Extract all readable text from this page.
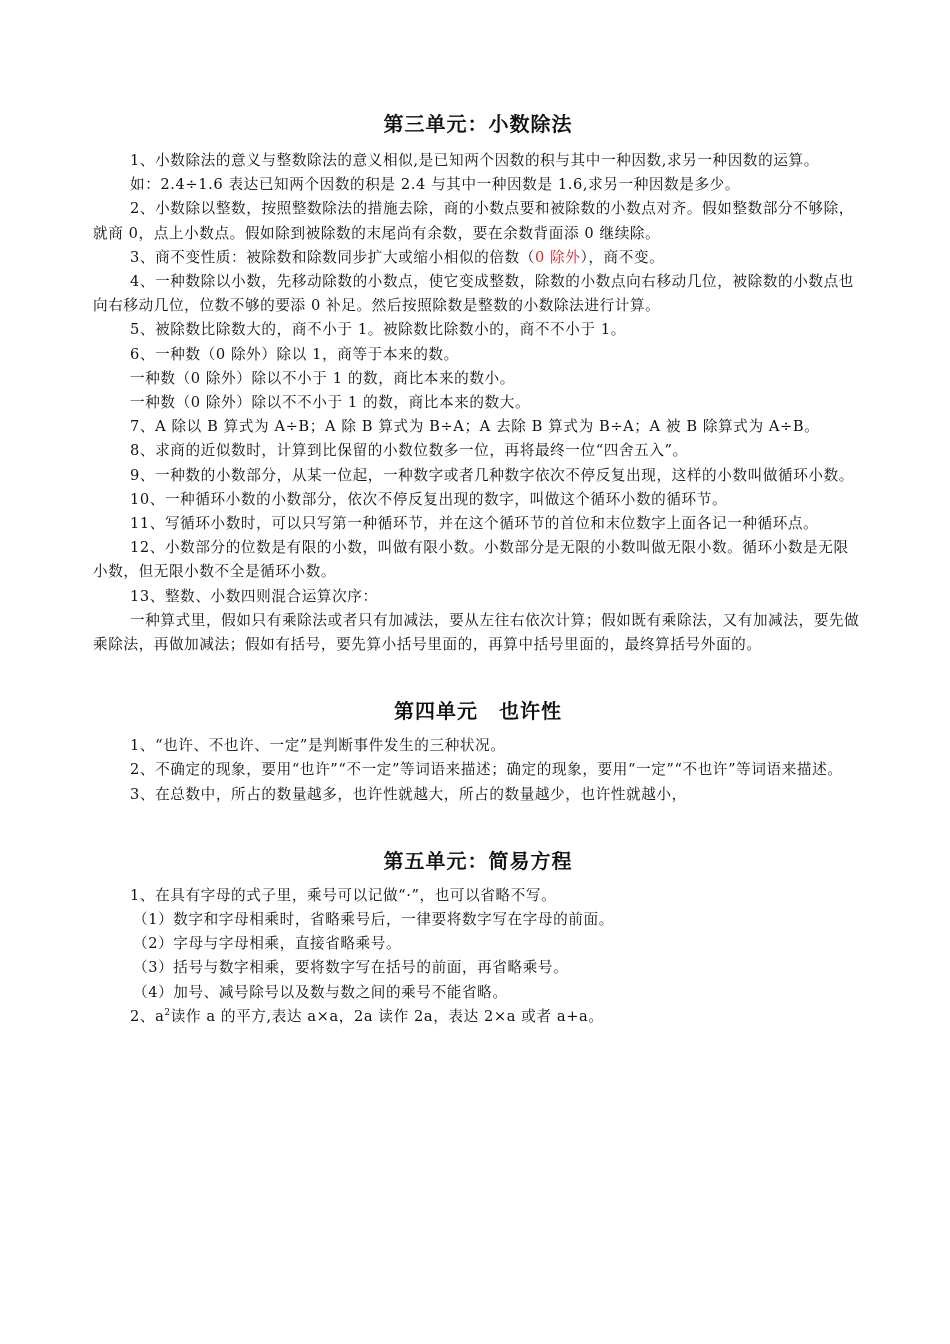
第三单元：小数除法

1、小数除法的意义与整数除法的意义相似,是已知两个因数的积与其中一种因数,求另一种因数的运算。

如：2.4÷1.6 表达已知两个因数的积是 2.4 与其中一种因数是 1.6,求另一种因数是多少。

2、小数除以整数，按照整数除法的措施去除，商的小数点要和被除数的小数点对齐。假如整数部分不够除，就商 0，点上小数点。假如除到被除数的末尾尚有余数，要在余数背面添 0 继续除。

3、商不变性质：被除数和除数同步扩大或缩小相似的倍数（0 除外），商不变。

4、一种数除以小数，先移动除数的小数点，使它变成整数，除数的小数点向右移动几位，被除数的小数点也向右移动几位，位数不够的要添 0 补足。然后按照除数是整数的小数除法进行计算。

5、被除数比除数大的，商不小于 1。被除数比除数小的，商不不小于 1。

6、一种数（0 除外）除以 1，商等于本来的数。

一种数（0 除外）除以不小于 1 的数，商比本来的数小。

一种数（0 除外）除以不不小于 1 的数，商比本来的数大。

7、A 除以 B 算式为 A÷B；A 除 B 算式为 B÷A；A 去除 B 算式为 B÷A；A 被 B 除算式为 A÷B。

8、求商的近似数时，计算到比保留的小数位数多一位，再将最终一位“四舍五入”。

9、一种数的小数部分，从某一位起，一种数字或者几种数字依次不停反复出现，这样的小数叫做循环小数。

10、一种循环小数的小数部分，依次不停反复出现的数字，叫做这个循环小数的循环节。

11、写循环小数时，可以只写第一种循环节，并在这个循环节的首位和末位数字上面各记一种循环点。

12、小数部分的位数是有限的小数，叫做有限小数。小数部分是无限的小数叫做无限小数。循环小数是无限小数，但无限小数不全是循环小数。

13、整数、小数四则混合运算次序：

一种算式里，假如只有乘除法或者只有加减法，要从左往右依次计算；假如既有乘除法，又有加减法，要先做乘除法，再做加减法；假如有括号，要先算小括号里面的，再算中括号里面的，最终算括号外面的。

第四单元　也许性

1、“也许、不也许、一定”是判断事件发生的三种状况。

2、不确定的现象，要用“也许”“不一定”等词语来描述；确定的现象，要用“一定”“不也许”等词语来描述。

3、在总数中，所占的数量越多，也许性就越大，所占的数量越少，也许性就越小，

第五单元：简易方程

1、在具有字母的式子里，乘号可以记做“·”，也可以省略不写。

（1）数字和字母相乘时，省略乘号后，一律要将数字写在字母的前面。

（2）字母与字母相乘，直接省略乘号。

（3）括号与数字相乘，要将数字写在括号的前面，再省略乘号。

（4）加号、减号除号以及数与数之间的乘号不能省略。

2、$a^2$读作 a 的平方,表达 a×a，2a 读作 2a，表达 2×a 或者 a+a。
